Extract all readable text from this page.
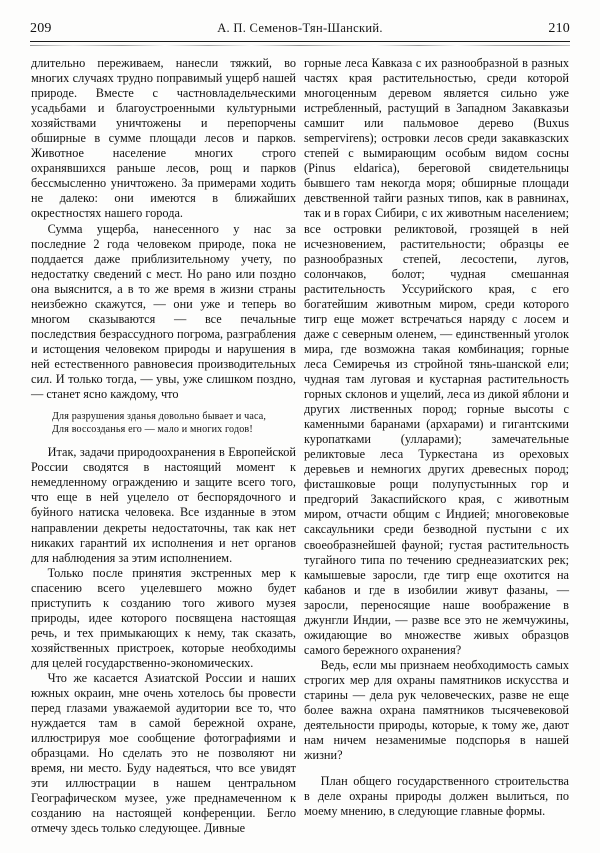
209	А. П. Семенов-Тян-Шанский.	210

длительно переживаем, нанесли тяжкий, во многих случаях трудно поправимый ущерб нашей природе. Вместе с частновладельческими усадьбами и благоустроенными культурными хозяйствами уничтожены и перепорчены обширные в сумме площади лесов и парков. Животное население многих строго охранявшихся раньше лесов, рощ и парков бессмысленно уничтожено. За примерами ходить не далеко: они имеются в ближайших окрестностях нашего города.

Сумма ущерба, нанесенного у нас за последние 2 года человеком природе, пока не поддается даже приблизительному учету, по недостатку сведений с мест. Но рано или поздно она выяснится, а в то же время в жизни страны неизбежно скажутся, — они уже и теперь во многом сказываются — все печальные последствия безрассудного погрома, разграбления и истощения человеком природы и нарушения в ней естественного равновесия производительных сил. И только тогда, — увы, уже слишком поздно, — станет ясно каждому, что

Для разрушения зданья довольно бывает и часа,
Для воссозданья его — мало и многих годов!

Итак, задачи природоохранения в Европейской России сводятся в настоящий момент к немедленному ограждению и защите всего того, что еще в ней уцелело от беспорядочного и буйного натиска человека. Все изданные в этом направлении декреты недостаточны, так как нет никаких гарантий их исполнения и нет органов для наблюдения за этим исполнением.

Только после принятия экстренных мер к спасению всего уцелевшего можно будет приступить к созданию того живого музея природы, идее которого посвящена настоящая речь, и тех примыкающих к нему, так сказать, хозяйственных пристроек, которые необходимы для целей государственно-экономических.

Что же касается Азиатской России и наших южных окраин, мне очень хотелось бы провести перед глазами уважаемой аудитории все то, что нуждается там в самой бережной охране, иллюстрируя мое сообщение фотографиями и образцами. Но сделать это не позволяют ни время, ни место. Буду надеяться, что все увидят эти иллюстрации в нашем центральном Географическом музее, уже преднамеченном к созданию на настоящей конференции. Бегло отмечу здесь только следующее. Дивные

горные леса Кавказа с их разнообразной в разных частях края растительностью, среди которой многоценным деревом является сильно уже истребленный, растущий в Западном Закавказьи самшит или пальмовое дерево (Buxus sempervirens); островки лесов среди закавказских степей с вымирающим особым видом сосны (Pinus eldarica), береговой свидетельницы бывшего там некогда моря; обширные площади девственной тайги разных типов, как в равнинах, так и в горах Сибири, с их животным населением; все островки реликтовой, грозящей в ней исчезновением, растительности; образцы ее разнообразных степей, лесостепи, лугов, солончаков, болот; чудная смешанная растительность Уссурийского края, с его богатейшим животным миром, среди которого тигр еще может встречаться наряду с лосем и даже с северным оленем, — единственный уголок мира, где возможна такая комбинация; горные леса Семиречья из стройной тянь-шанской ели; чудная там луговая и кустарная растительность горных склонов и ущелий, леса из дикой яблони и других лиственных пород; горные высоты с каменными баранами (архарами) и гигантскими куропатками (улларами); замечательные реликтовые леса Туркестана из ореховых деревьев и немногих других древесных пород; фисташковые рощи полупустынных гор и предгорий Закаспийского края, с животным миром, отчасти общим с Индией; многовековые саксаульники среди безводной пустыни с их своеобразнейшей фауной; густая растительность тугайного типа по течению среднеазиатских рек; камышевые заросли, где тигр еще охотится на кабанов и где в изобилии живут фазаны, — заросли, переносящие наше воображение в джунгли Индии, — разве все это не жемчужины, ожидающие во множестве живых образцов самого бережного охранения?

Ведь, если мы признаем необходимость самых строгих мер для охраны памятников искусства и старины — дела рук человеческих, разве не еще более важна охрана памятников тысячевековой деятельности природы, которые, к тому же, дают нам ничем незаменимые подспорья в нашей жизни?

План общего государственного строительства в деле охраны природы должен вылиться, по моему мнению, в следующие главные формы.
